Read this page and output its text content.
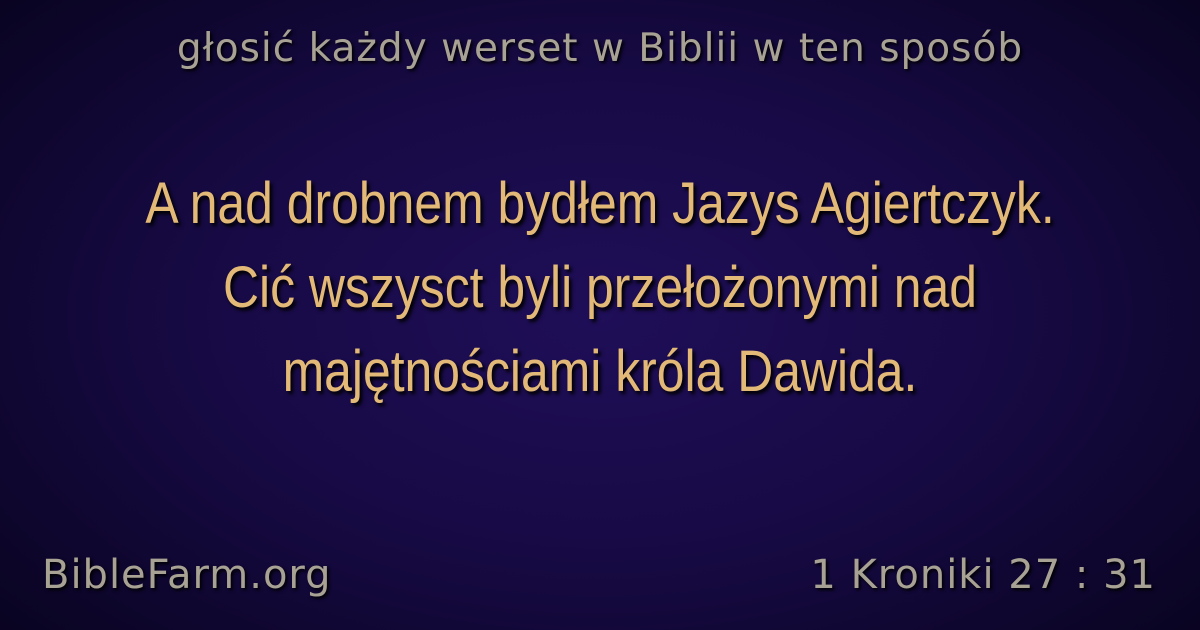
głosić każdy werset w Biblii w ten sposób
A nad drobnem bydłem Jazys Agiertczyk.
Cić wszysct byli przełożonymi nad
majętnościami króla Dawida.
BibleFarm.org	1 Kroniki 27 : 31
